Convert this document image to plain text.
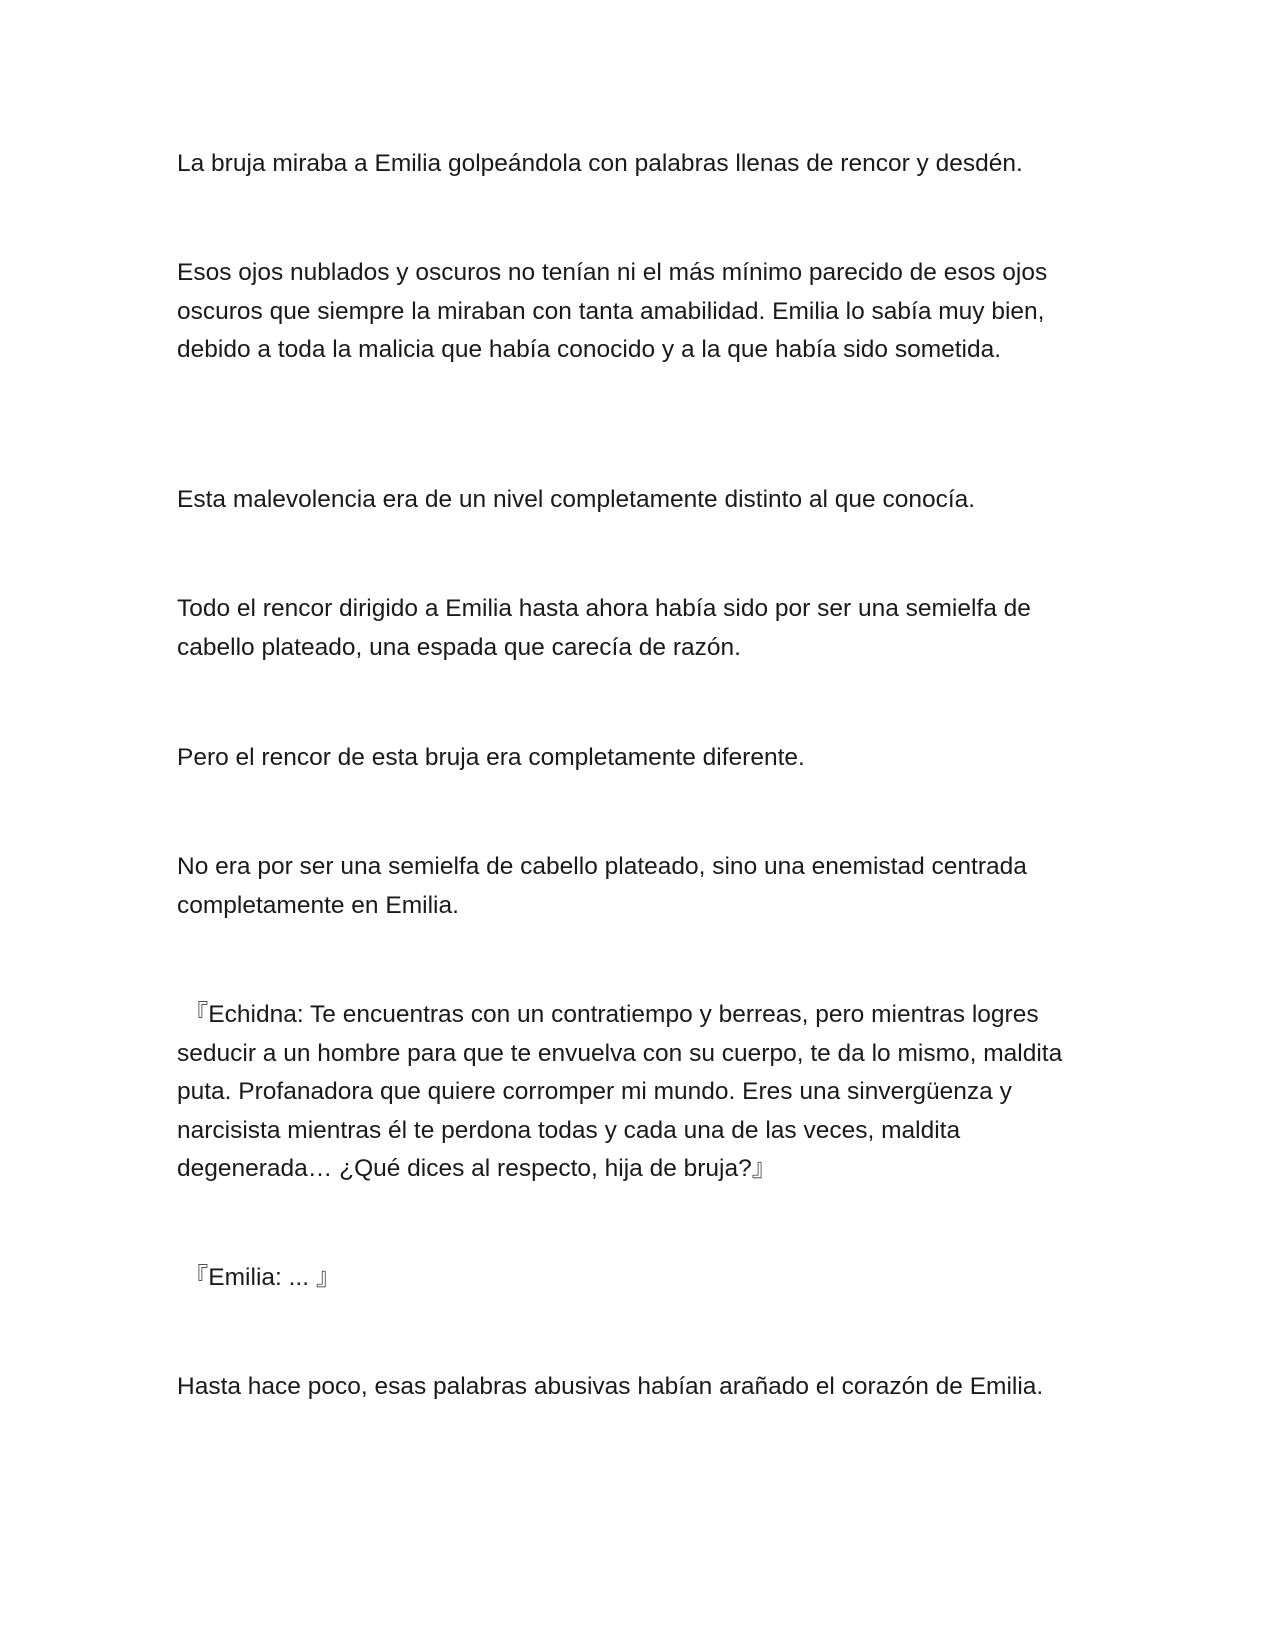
La bruja miraba a Emilia golpeándola con palabras llenas de rencor y desdén.

Esos ojos nublados y oscuros no tenían ni el más mínimo parecido de esos ojos oscuros que siempre la miraban con tanta amabilidad. Emilia lo sabía muy bien, debido a toda la malicia que había conocido y a la que había sido sometida.

Esta malevolencia era de un nivel completamente distinto al que conocía.

Todo el rencor dirigido a Emilia hasta ahora había sido por ser una semielfa de cabello plateado, una espada que carecía de razón.

Pero el rencor de esta bruja era completamente diferente.

No era por ser una semielfa de cabello plateado, sino una enemistad centrada completamente en Emilia.

『Echidna: Te encuentras con un contratiempo y berreas, pero mientras logres seducir a un hombre para que te envuelva con su cuerpo, te da lo mismo, maldita puta. Profanadora que quiere corromper mi mundo. Eres una sinvergüenza y narcisista mientras él te perdona todas y cada una de las veces, maldita degenerada… ¿Qué dices al respecto, hija de bruja?』

『Emilia: ... 』

Hasta hace poco, esas palabras abusivas habían arañado el corazón de Emilia.
